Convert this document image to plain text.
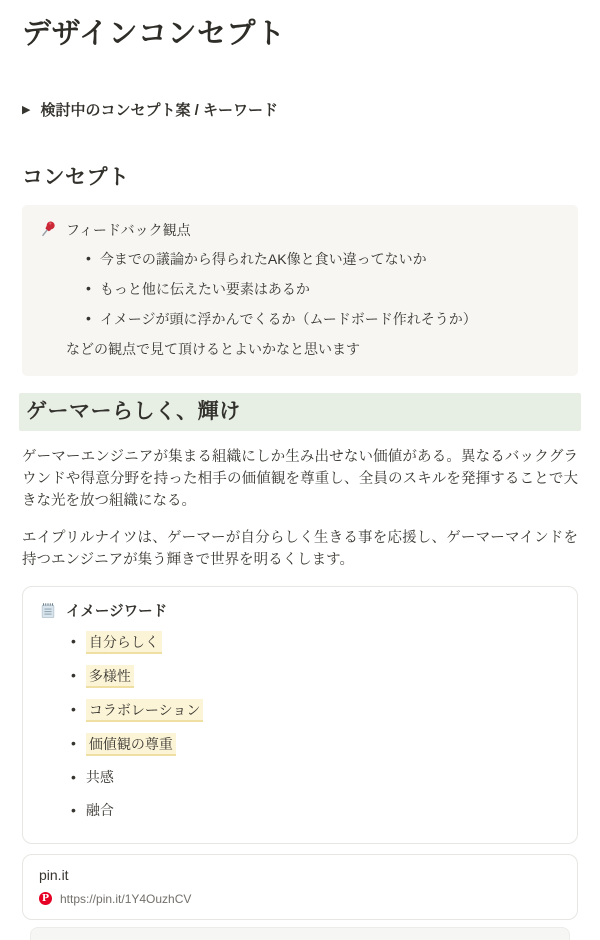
デザインコンセプト
▶ 検討中のコンセプト案 / キーワード
コンセプト
フィードバック観点
• 今までの議論から得られたAK像と食い違ってないか
• もっと他に伝えたい要素はあるか
• イメージが頭に浮かんでくるか（ムードボード作れそうか）
などの観点で見て頂けるとよいかなと思います
ゲーマーらしく、輝け

ゲーマーエンジニアが集まる組織にしか生み出せない価値がある。異なるバックグラウンドや得意分野を持った相手の価値観を尊重し、全員のスキルを発揮することで大きな光を放つ組織になる。

エイプリルナイツは、ゲーマーが自分らしく生きる事を応援し、ゲーマーマインドを持つエンジニアが集う輝きで世界を明るくします。

イメージワード
• 自分らしく
• 多様性
• コラボレーション
• 価値観の尊重
• 共感
• 融合
pin.it
P https://pin.it/1Y4OuzhCV
